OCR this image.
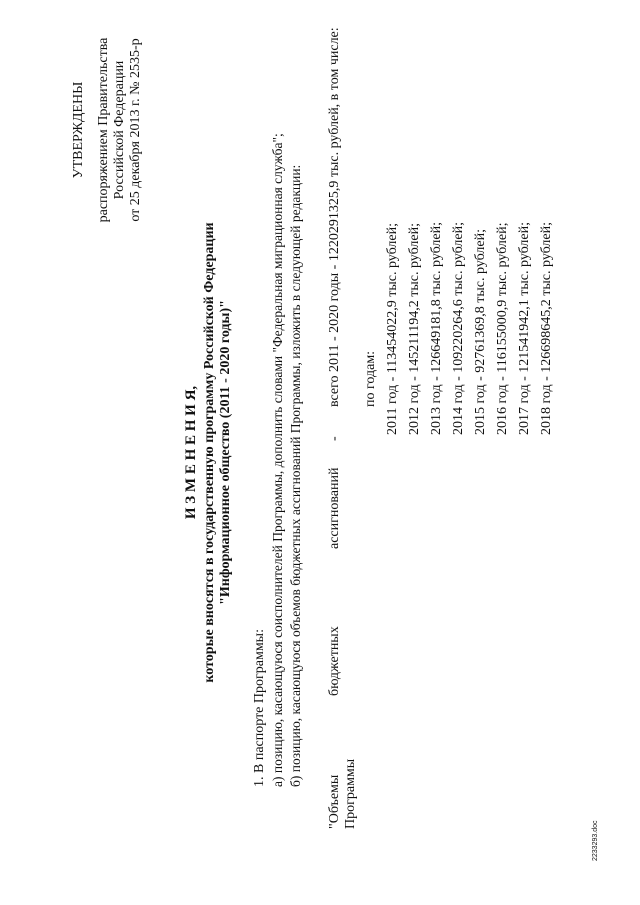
УТВЕРЖДЕНЫ распоряжением Правительства Российской Федерации от 25 декабря 2013 г. № 2535-р
И З М Е Н Е Н И Я, которые вносятся в государственную программу Российской Федерации "Информационное общество (2011 - 2020 годы)"
1. В паспорте Программы: а) позицию, касающуюся соисполнителей Программы, дополнить словами "Федеральная миграционная служба"; б) позицию, касающуюся объемов бюджетных ассигнований Программы, изложить в следующей редакции:
"Объемы Программы
бюджетных
ассигнований
-
всего 2011 - 2020 годы - 1220291325,9 тыс. рублей, в том числе: по годам: 2011 год - 113454022,9 тыс. рублей; 2012 год - 145211194,2 тыс. рублей; 2013 год - 126649181,8 тыс. рублей; 2014 год - 109220264,6 тыс. рублей; 2015 год - 92761369,8 тыс. рублей; 2016 год - 116155000,9 тыс. рублей; 2017 год - 121541942,1 тыс. рублей; 2018 год - 126698645,2 тыс. рублей;
2233293.doc
